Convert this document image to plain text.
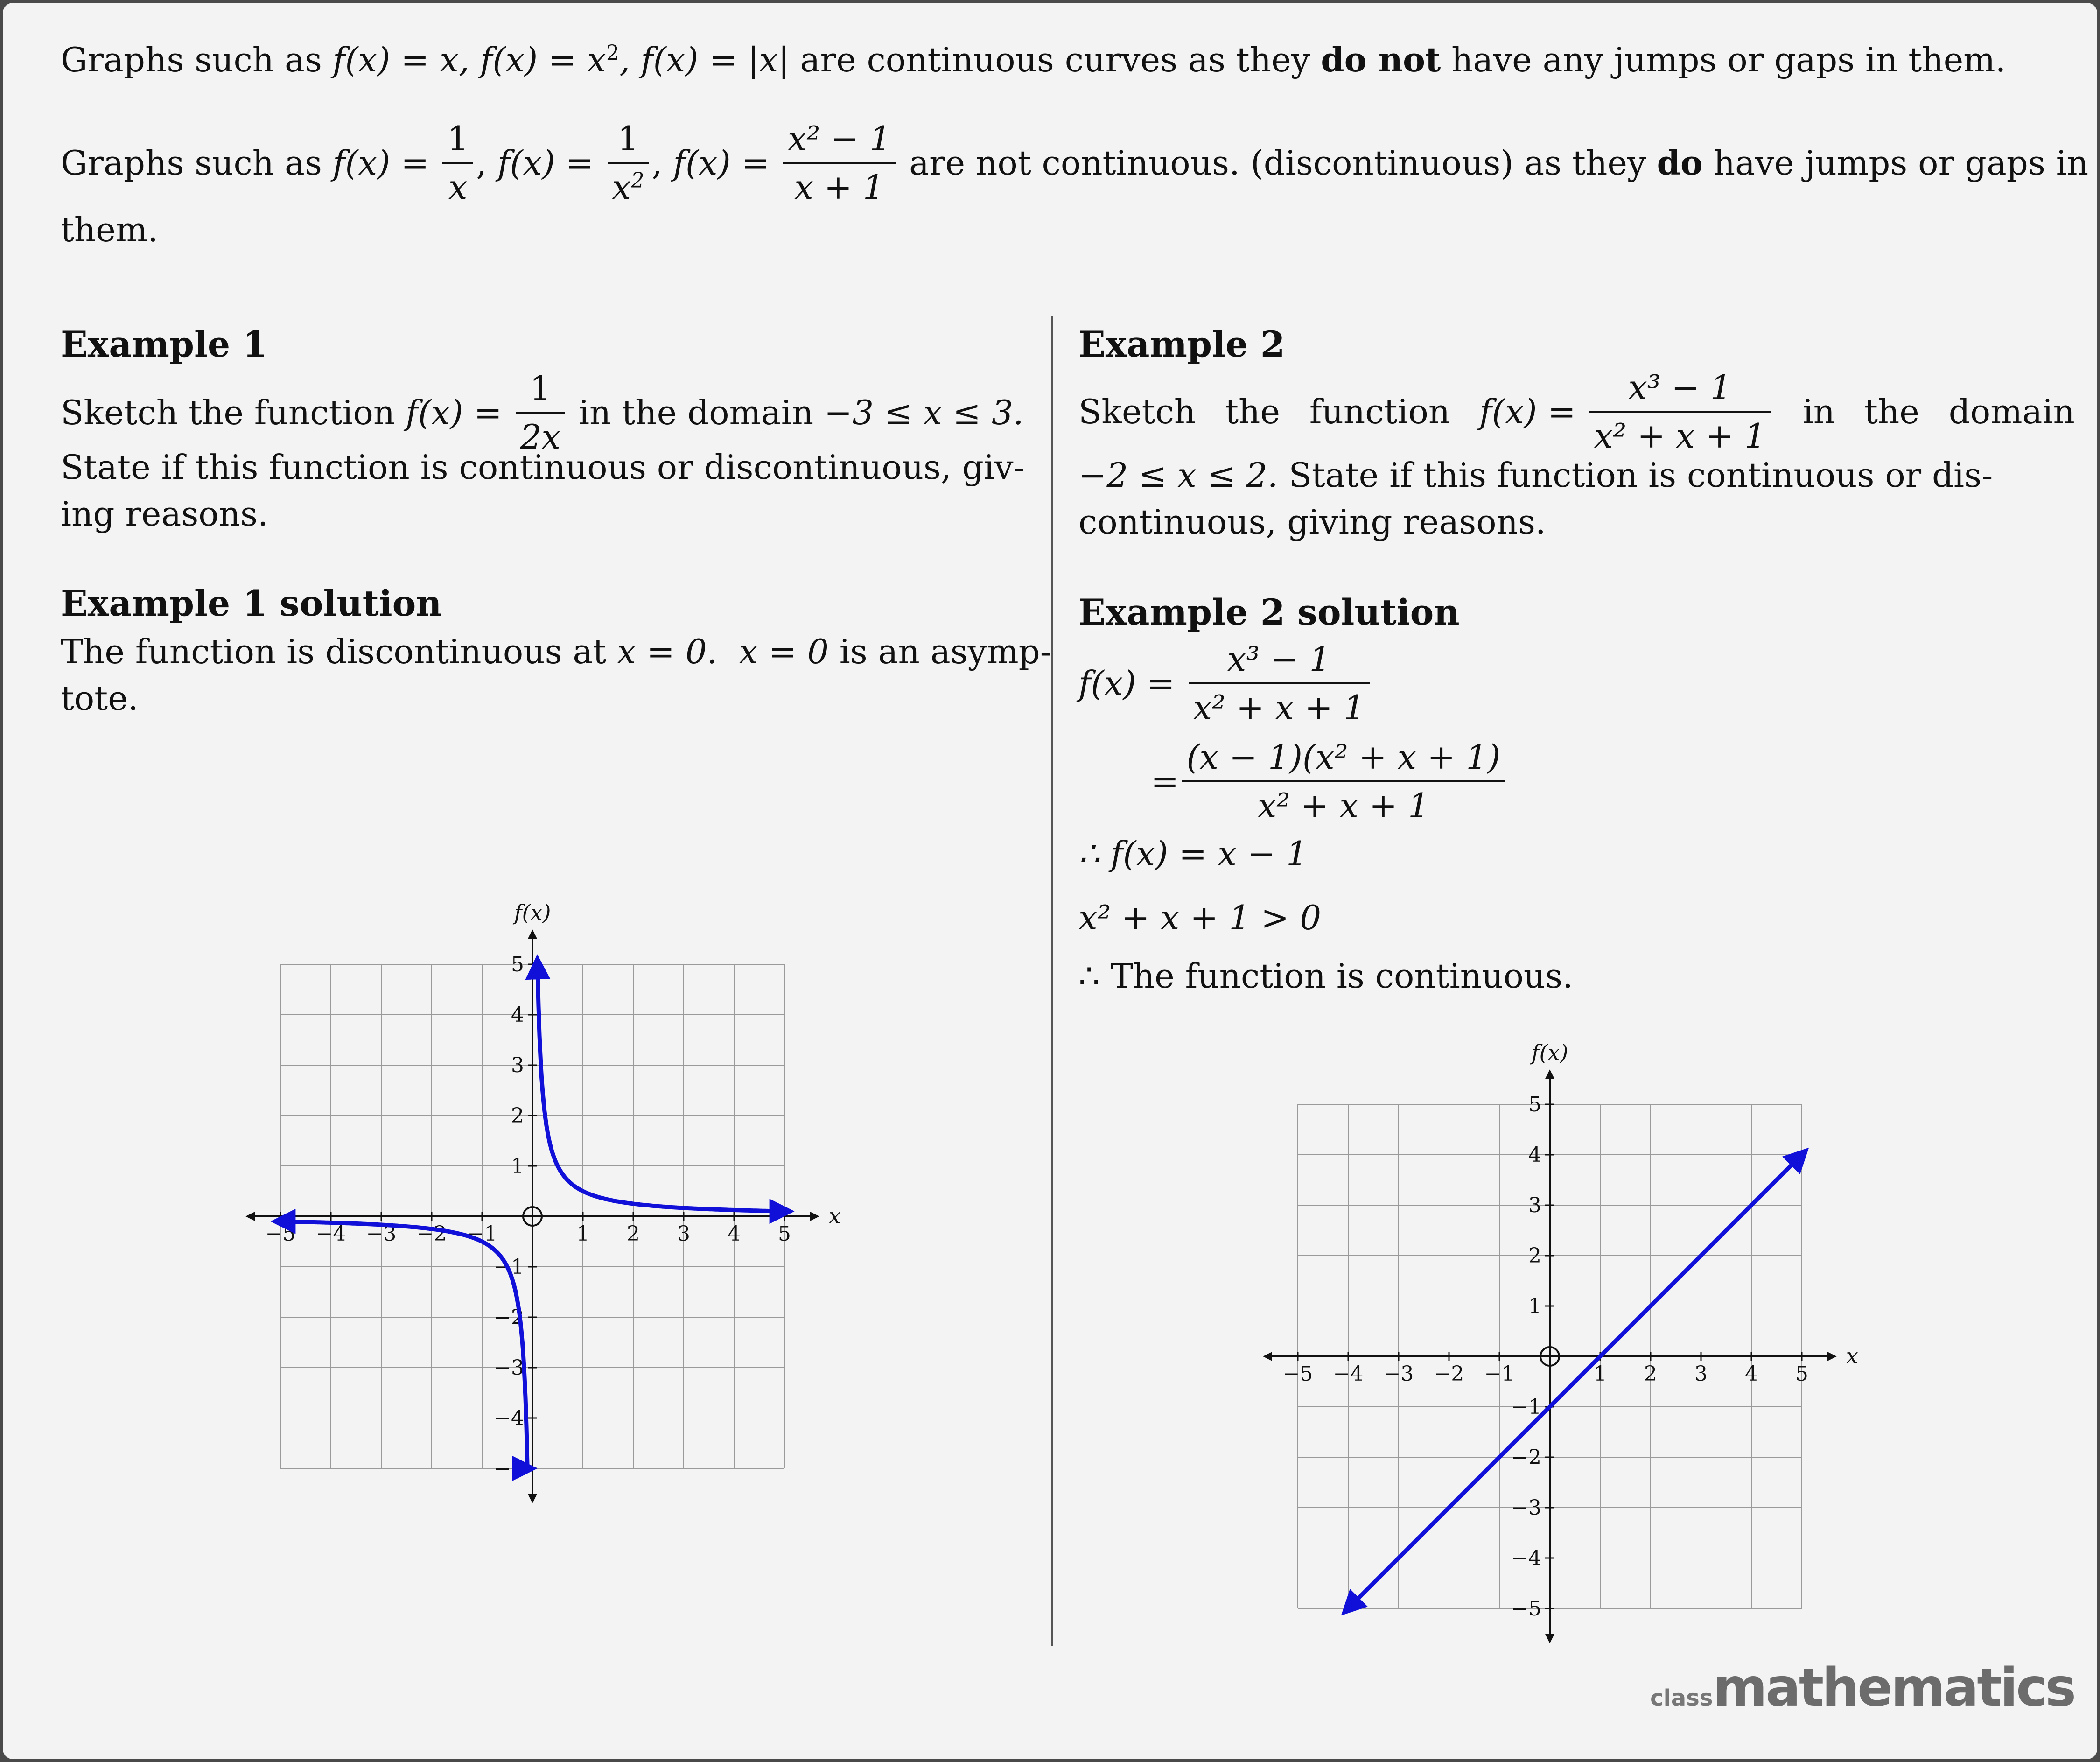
Graphs such as f(x) = x, $f(x) = x^2$, f(x) = |x| are continuous curves as they do not have any jumps or gaps in them.
Graphs such as $f(x) = \frac{1}{x}$ , $f(x) = \frac{1}{x^2}$ , $f(x) = \frac{\text{x² − 1}}{x + 1}$ are not continuous. (discontinuous) as they do have jumps or gaps in
them.
Example 1
Sketch the function $f(x) = \frac{1}{2x}$ in the domain −3 ≤ x ≤ 3.
State if this function is continuous or discontinuous, giv-
ing reasons.
Example 1 solution
The function is discontinuous at x = 0. x = 0 is an asymp-
tote.
Example 2
Sketch the function $f(x) = \frac{\text{x³ − 1}}{\text{x² + x + 1}}$ in the domain
−2 ≤ x ≤ 2. State if this function is continuous or dis-
continuous, giving reasons.
Example 2 solution
$f(x) = \frac{\text{x³ − 1}}{\text{x² + x + 1}}$
= $\frac{\text{(x − 1)(x² + x + 1)}}{\text{x² + x + 1}}$
∴ f(x) = x − 1
x² + x + 1 > 0
∴ The function is continuous.
−5
−5
−4
−4
−3
−3
−2
−2
−1
−1
1
1
2
2
3
3
4
4
5
5
x
f(x)
−5
−5
−4
−4
−3
−3
−2
−2
−1
−1
1
1
2
2
3
3
4
4
5
5
x
f(x)
classmathematics
